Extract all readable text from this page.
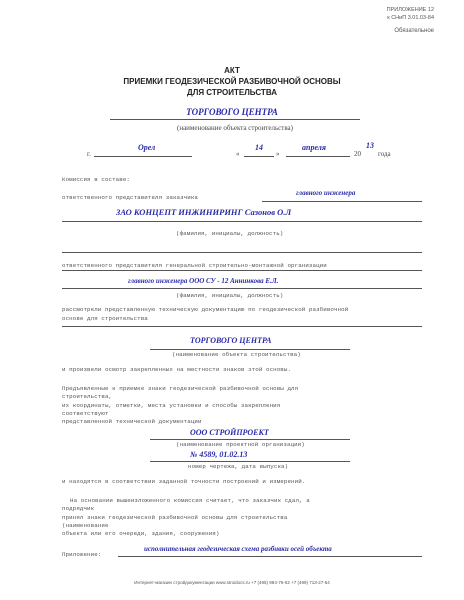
ПРИЛОЖЕНИЕ 12
к СНиП 3.01.03-84
Обязательное
АКТ
ПРИЕМКИ ГЕОДЕЗИЧЕСКОЙ РАЗБИВОЧНОЙ ОСНОВЫ
ДЛЯ СТРОИТЕЛЬСТВА
ТОРГОВОГО ЦЕНТРА
(наименование объекта строительства)
г.
Орел
«
14
»
апреля
20
13
года
Комиссия в составе:
ответственного представителя заказчика
главного инженера
ЗАО КОНЦЕПТ ИНЖИНИРИНГ Сазонов О.Л
(фамилия, инициалы, должность)
ответственного представителя генеральной строительно-монтажной организации
главного инженера ООО СУ - 12 Аннинкова Е.Л.
(фамилия, инициалы, должность)
рассмотрели представленную техническую документацию по геодезической разбивочной
основе для строительства
ТОРГОВОГО ЦЕНТРА
(наименование объекта строительства)
и произвели осмотр закрепленных на местности знаков этой основы.
Предъявленные к приемке знаки геодезической разбивочной основы для
строительства,
их координаты, отметки, места установки и способы закрепления
соответствуют
представленной технической документации
ООО СТРОЙПРОЕКТ
(наименование проектной организации)
№ 4589, 01.02.13
номер чертежа, дата выпуска)
и находятся в соответствии заданной точности построений и измерений.
На основании вышеизложенного комиссия считает, что заказчик сдал, а
подрядчик
принял знаки геодезической разбивочной основы для строительства
(наименование
объекта или его очереди, здания, сооружения)
Приложение:
исполнительная геодезическая схема разбивки осей объекта
Интернет-магазин стройдокументации www.stroidocs.ru +7 (495) 984-76-52 +7 (499) 713-27-54
